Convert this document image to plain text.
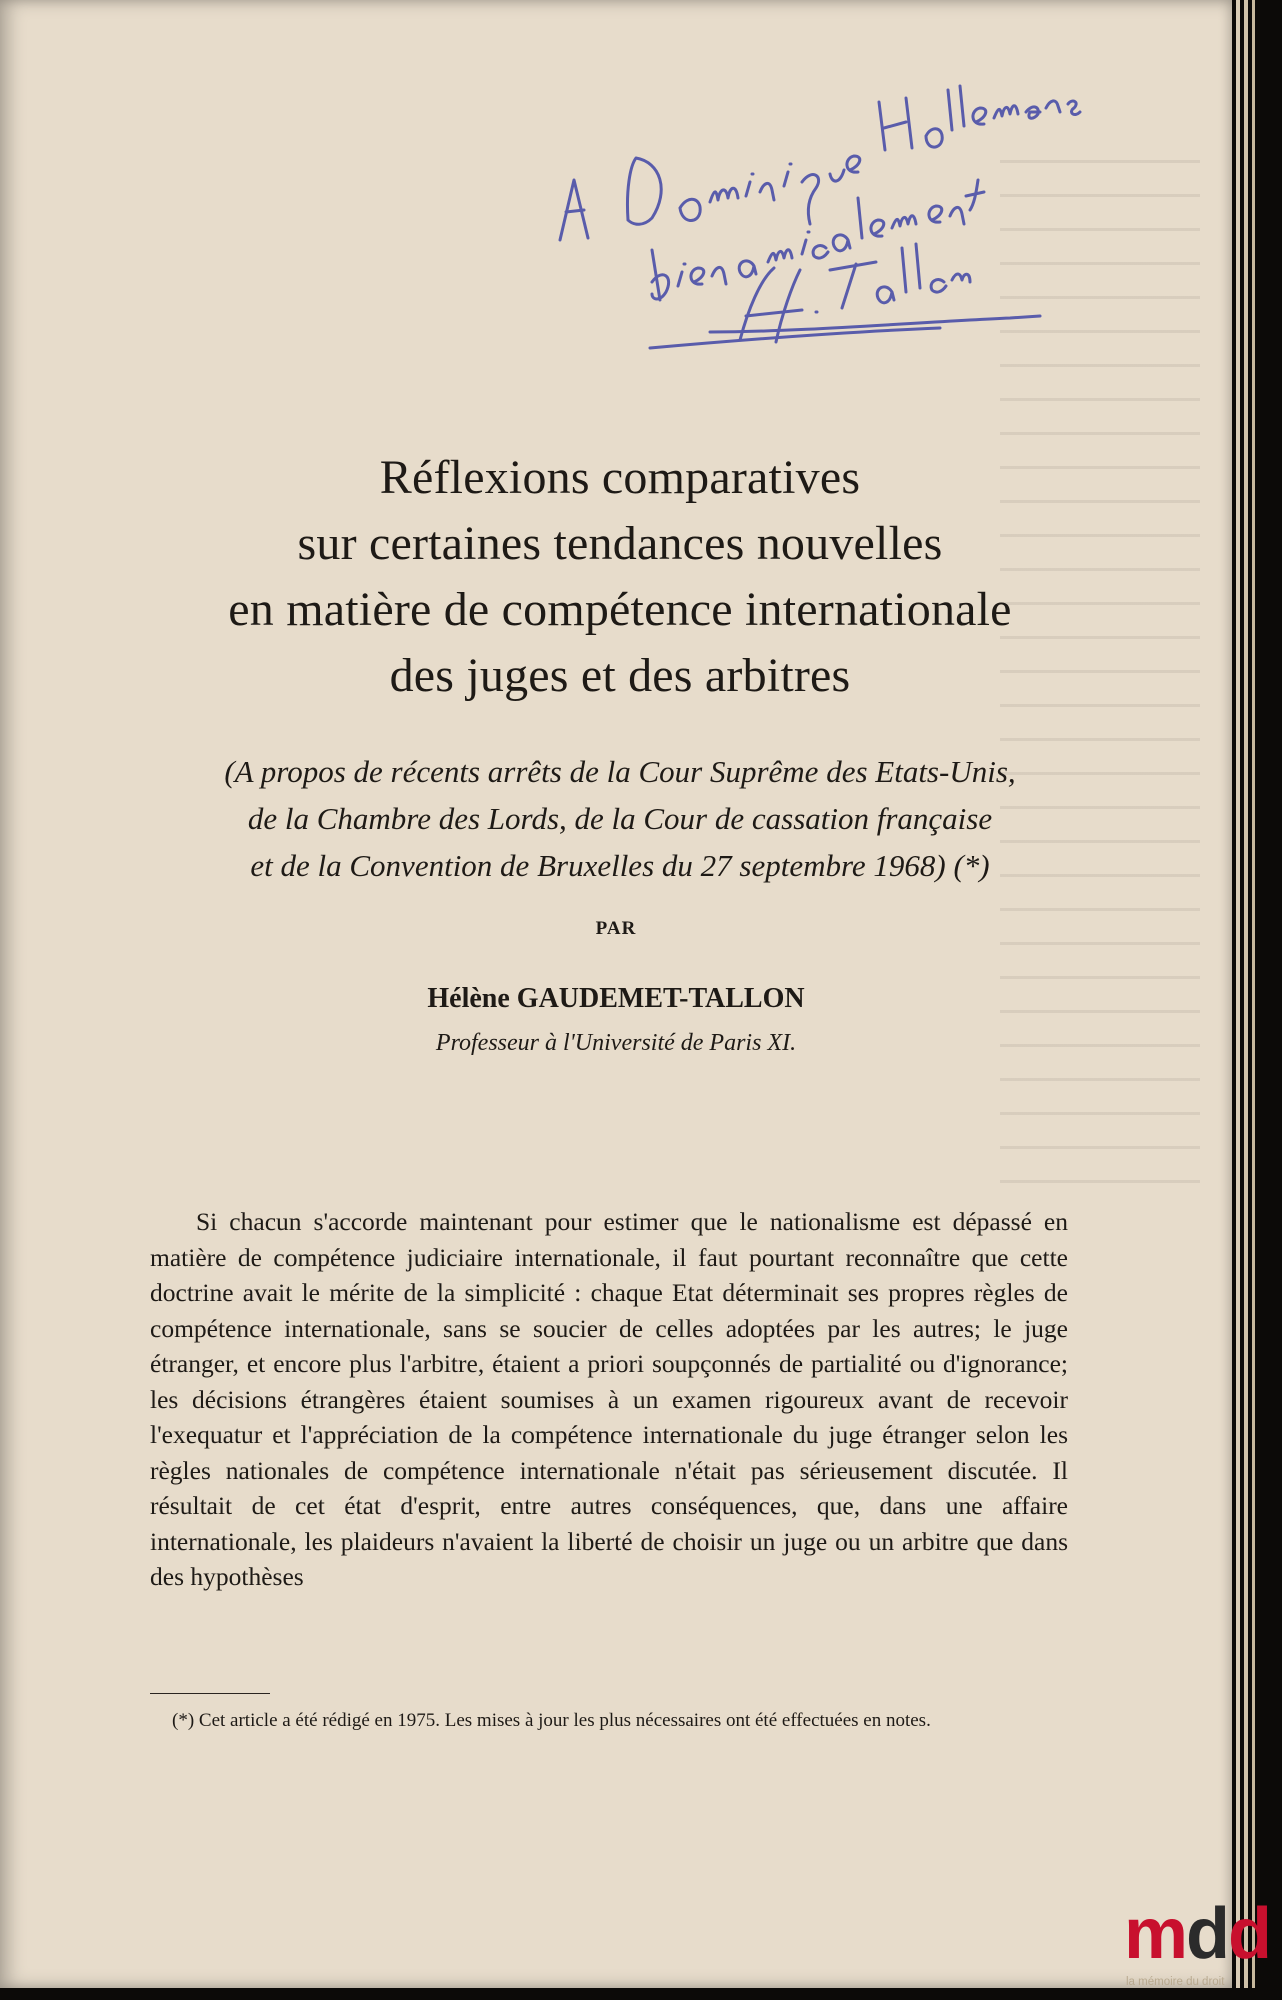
Réflexions comparatives
sur certaines tendances nouvelles
en matière de compétence internationale
des juges et des arbitres
(A propos de récents arrêts de la Cour Suprême des Etats-Unis,
de la Chambre des Lords, de la Cour de cassation française
et de la Convention de Bruxelles du 27 septembre 1968) (*)
PAR
Hélène GAUDEMET-TALLON
Professeur à l'Université de Paris XI.

Si chacun s'accorde maintenant pour estimer que le nationalisme est dépassé en matière de compétence judiciaire internationale, il faut pourtant reconnaître que cette doctrine avait le mérite de la simplicité : chaque Etat déterminait ses propres règles de compétence internationale, sans se soucier de celles adoptées par les autres; le juge étranger, et encore plus l'arbitre, étaient a priori soupçonnés de partialité ou d'ignorance; les décisions étrangères étaient soumises à un examen rigoureux avant de recevoir l'exequatur et l'appréciation de la compétence internationale du juge étranger selon les règles nationales de compétence internationale n'était pas sérieusement discutée. Il résultait de cet état d'esprit, entre autres conséquences, que, dans une affaire internationale, les plaideurs n'avaient la liberté de choisir un juge ou un arbitre que dans des hypothèses

(*) Cet article a été rédigé en 1975. Les mises à jour les plus nécessaires ont été effectuées en notes.

mdd
la mémoire du droit
